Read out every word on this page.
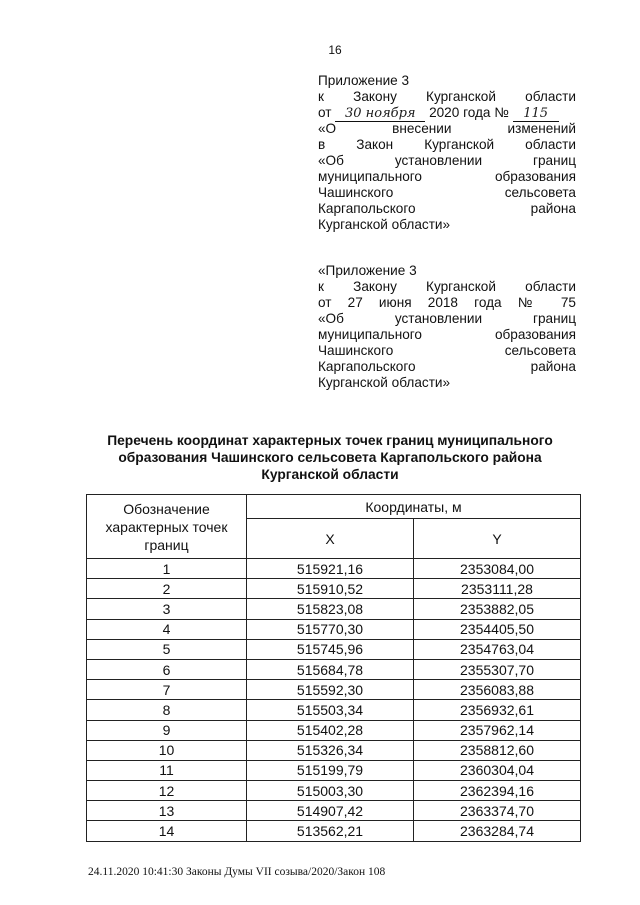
16
Приложение 3
к Закону Курганской области
от 30 ноября 2020 года № 115
«О внесении изменений
в Закон Курганской области
«Об установлении границ
муниципального образования
Чашинского сельсовета
Каргапольского района
Курганской области»
«Приложение 3
к Закону Курганской области
от 27 июня 2018 года № 75
«Об установлении границ
муниципального образования
Чашинского сельсовета
Каргапольского района
Курганской области»
Перечень координат характерных точек границ муниципального
образования Чашинского сельсовета Каргапольского района
Курганской области
Обозначение характерных точек границ	Координаты, м	
	X	Y
1	515921,16	2353084,00
2	515910,52	2353111,28
3	515823,08	2353882,05
4	515770,30	2354405,50
5	515745,96	2354763,04
6	515684,78	2355307,70
7	515592,30	2356083,88
8	515503,34	2356932,61
9	515402,28	2357962,14
10	515326,34	2358812,60
11	515199,79	2360304,04
12	515003,30	2362394,16
13	514907,42	2363374,70
14	513562,21	2363284,74
24.11.2020 10:41:30 Законы Думы VII созыва/2020/Закон 108
